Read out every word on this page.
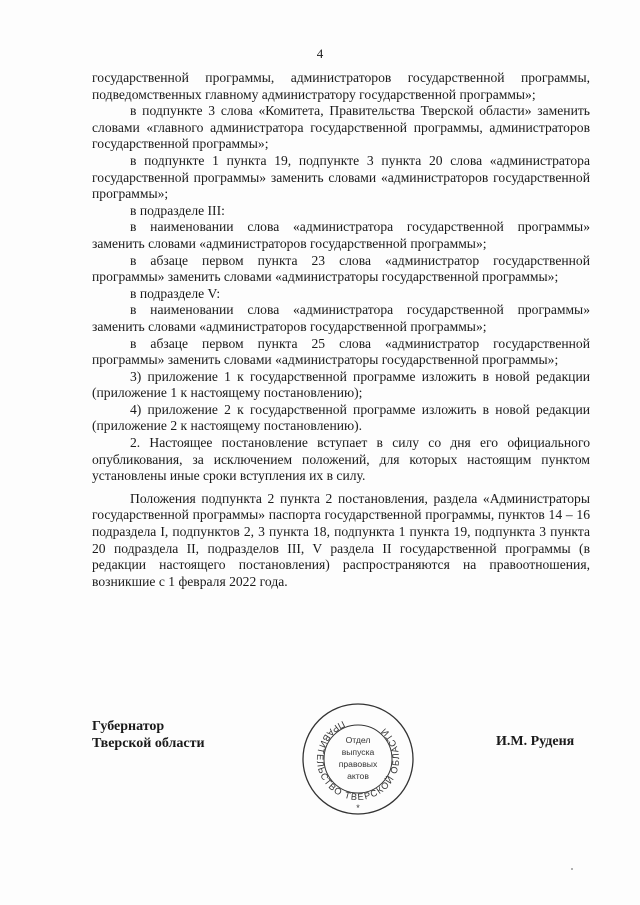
4

государственной программы, администраторов государственной программы, подведомственных главному администратору государственной программы»;

в подпункте 3 слова «Комитета, Правительства Тверской области» заменить словами «главного администратора государственной программы, администраторов государственной программы»;

в подпункте 1 пункта 19, подпункте 3 пункта 20 слова «администратора государственной программы» заменить словами «администраторов государственной программы»;

в подразделе III:

в наименовании слова «администратора государственной программы» заменить словами «администраторов государственной программы»;

в абзаце первом пункта 23 слова «администратор государственной программы» заменить словами «администраторы государственной программы»;

в подразделе V:

в наименовании слова «администратора государственной программы» заменить словами «администраторов государственной программы»;

в абзаце первом пункта 25 слова «администратор государственной программы» заменить словами «администраторы государственной программы»;

3) приложение 1 к государственной программе изложить в новой редакции (приложение 1 к настоящему постановлению);

4) приложение 2 к государственной программе изложить в новой редакции (приложение 2 к настоящему постановлению).

2. Настоящее постановление вступает в силу со дня его официального опубликования, за исключением положений, для которых настоящим пунктом установлены иные сроки вступления их в силу.

Положения подпункта 2 пункта 2 постановления, раздела «Администраторы государственной программы» паспорта государственной программы, пунктов 14 – 16 подраздела I, подпунктов 2, 3 пункта 18, подпункта 1 пункта 19, подпункта 3 пункта 20 подраздела II, подразделов III, V раздела II государственной программы (в редакции настоящего постановления) распространяются на правоотношения, возникшие с 1 февраля 2022 года.

Губернатор
Тверской области
ПРАВИТЕЛЬСТВО ТВЕРСКОЙ ОБЛАСТИ
*
Отдел
выпуска
правовых
актов
И.М. Руденя
